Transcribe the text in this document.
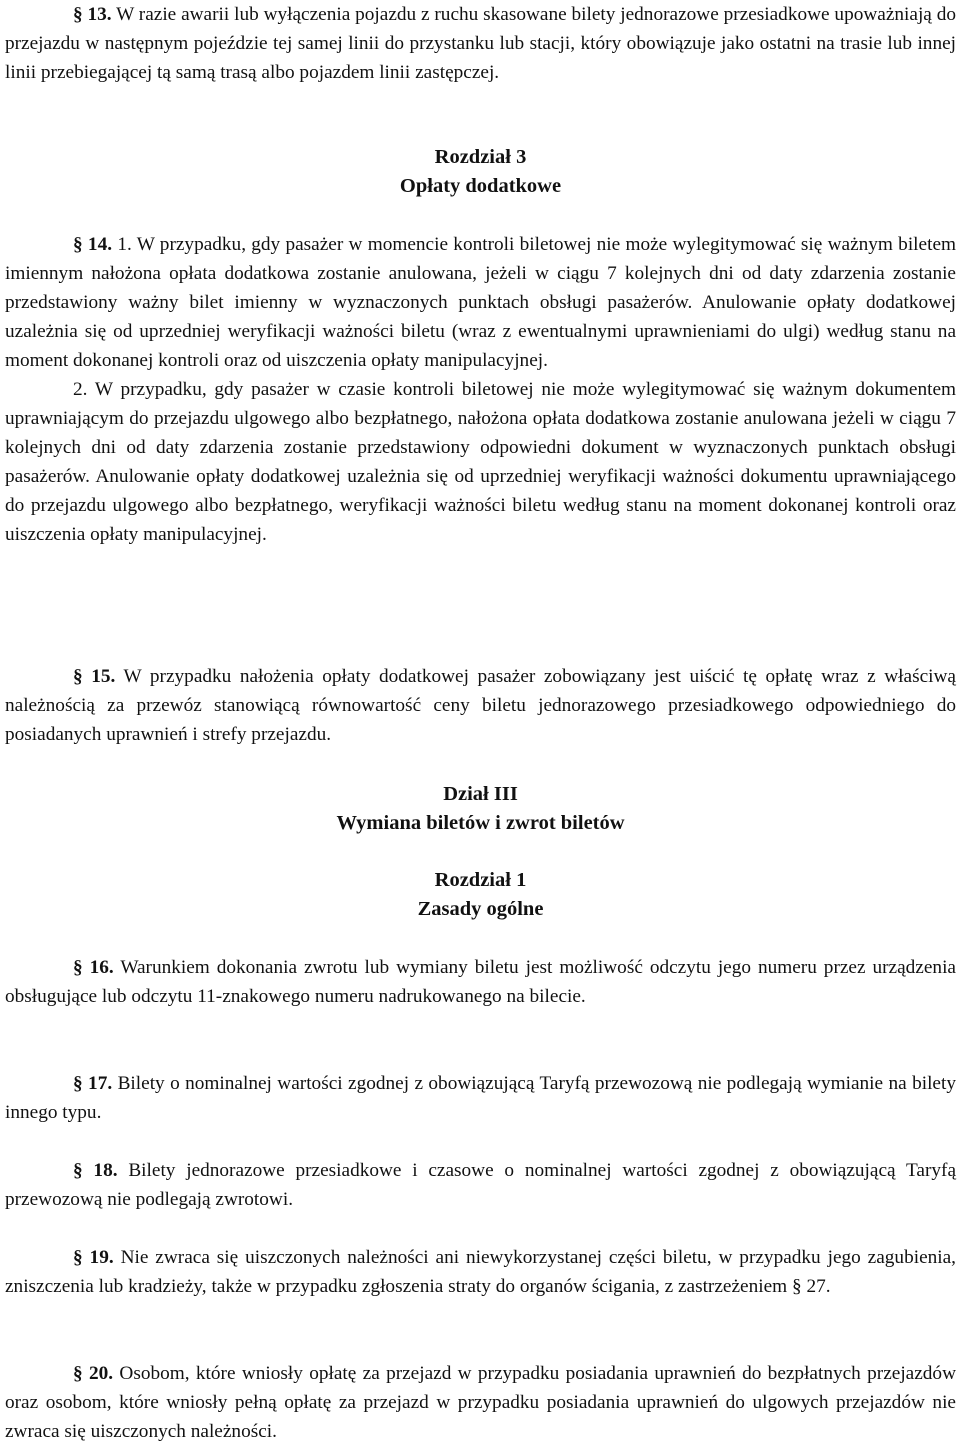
§ 13. W razie awarii lub wyłączenia pojazdu z ruchu skasowane bilety jednorazowe przesiadkowe upoważniają do przejazdu w następnym pojeździe tej samej linii do przystanku lub stacji, który obowiązuje jako ostatni na trasie lub innej linii przebiegającej tą samą trasą albo pojazdem linii zastępczej.

Rozdział 3

Opłaty dodatkowe

§ 14. 1. W przypadku, gdy pasażer w momencie kontroli biletowej nie może wylegitymować się ważnym biletem imiennym nałożona opłata dodatkowa zostanie anulowana, jeżeli w ciągu 7 kolejnych dni od daty zdarzenia zostanie przedstawiony ważny bilet imienny w wyznaczonych punktach obsługi pasażerów. Anulowanie opłaty dodatkowej uzależnia się od uprzedniej weryfikacji ważności biletu (wraz z ewentualnymi uprawnieniami do ulgi) według stanu na moment dokonanej kontroli oraz od uiszczenia opłaty manipulacyjnej.

2. W przypadku, gdy pasażer w czasie kontroli biletowej nie może wylegitymować się ważnym dokumentem uprawniającym do przejazdu ulgowego albo bezpłatnego, nałożona opłata dodatkowa zostanie anulowana jeżeli w ciągu 7 kolejnych dni od daty zdarzenia zostanie przedstawiony odpowiedni dokument w wyznaczonych punktach obsługi pasażerów. Anulowanie opłaty dodatkowej uzależnia się od uprzedniej weryfikacji ważności dokumentu uprawniającego do przejazdu ulgowego albo bezpłatnego, weryfikacji ważności biletu według stanu na moment dokonanej kontroli oraz uiszczenia opłaty manipulacyjnej.

§ 15. W przypadku nałożenia opłaty dodatkowej pasażer zobowiązany jest uiścić tę opłatę wraz z właściwą należnością za przewóz stanowiącą równowartość ceny biletu jednorazowego przesiadkowego odpowiedniego do posiadanych uprawnień i strefy przejazdu.

Dział III

Wymiana biletów i zwrot biletów

Rozdział 1

Zasady ogólne

§ 16. Warunkiem dokonania zwrotu lub wymiany biletu jest możliwość odczytu jego numeru przez urządzenia obsługujące lub odczytu 11-znakowego numeru nadrukowanego na bilecie.

§ 17. Bilety o nominalnej wartości zgodnej z obowiązującą Taryfą przewozową nie podlegają wymianie na bilety innego typu.

§ 18. Bilety jednorazowe przesiadkowe i czasowe o nominalnej wartości zgodnej z obowiązującą Taryfą przewozową nie podlegają zwrotowi.

§ 19. Nie zwraca się uiszczonych należności ani niewykorzystanej części biletu, w przypadku jego zagubienia, zniszczenia lub kradzieży, także w przypadku zgłoszenia straty do organów ścigania, z zastrzeżeniem § 27.

§ 20. Osobom, które wniosły opłatę za przejazd w przypadku posiadania uprawnień do bezpłatnych przejazdów oraz osobom, które wniosły pełną opłatę za przejazd w przypadku posiadania uprawnień do ulgowych przejazdów nie zwraca się uiszczonych należności.
